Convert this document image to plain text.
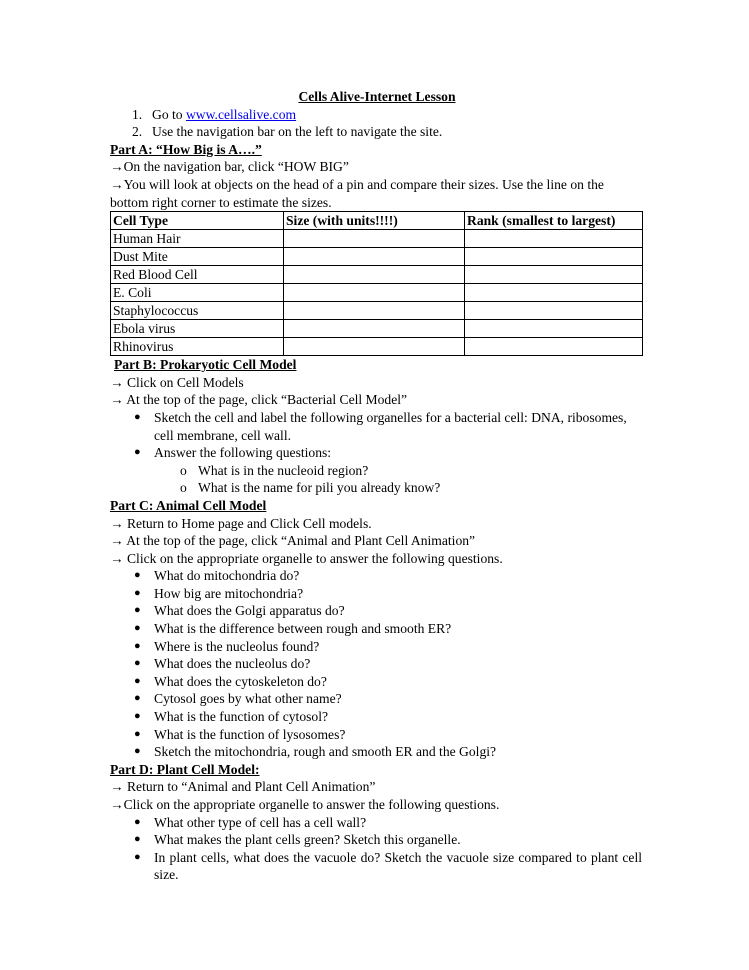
Cells Alive-Internet Lesson
1. Go to www.cellsalive.com
2. Use the navigation bar on the left to navigate the site.
Part A: “How Big is A….”
→On the navigation bar, click “HOW BIG”
→You will look at objects on the head of a pin and compare their sizes. Use the line on the bottom right corner to estimate the sizes.
Cell Type	Size (with units!!!!)	Rank (smallest to largest)
Human Hair		
Dust Mite		
Red Blood Cell		
E. Coli		
Staphylococcus		
Ebola virus		
Rhinovirus		
Part B: Prokaryotic Cell Model
→ Click on Cell Models
→ At the top of the page, click “Bacterial Cell Model”
● Sketch the cell and label the following organelles for a bacterial cell: DNA, ribosomes, cell membrane, cell wall.
● Answer the following questions:
o What is in the nucleoid region?
o What is the name for pili you already know?
Part C: Animal Cell Model
→ Return to Home page and Click Cell models.
→ At the top of the page, click “Animal and Plant Cell Animation”
→ Click on the appropriate organelle to answer the following questions.
● What do mitochondria do?
● How big are mitochondria?
● What does the Golgi apparatus do?
● What is the difference between rough and smooth ER?
● Where is the nucleolus found?
● What does the nucleolus do?
● What does the cytoskeleton do?
● Cytosol goes by what other name?
● What is the function of cytosol?
● What is the function of lysosomes?
● Sketch the mitochondria, rough and smooth ER and the Golgi?
Part D: Plant Cell Model:
→ Return to “Animal and Plant Cell Animation”
→Click on the appropriate organelle to answer the following questions.
● What other type of cell has a cell wall?
● What makes the plant cells green? Sketch this organelle.
● In plant cells, what does the vacuole do? Sketch the vacuole size compared to plant cell size.
